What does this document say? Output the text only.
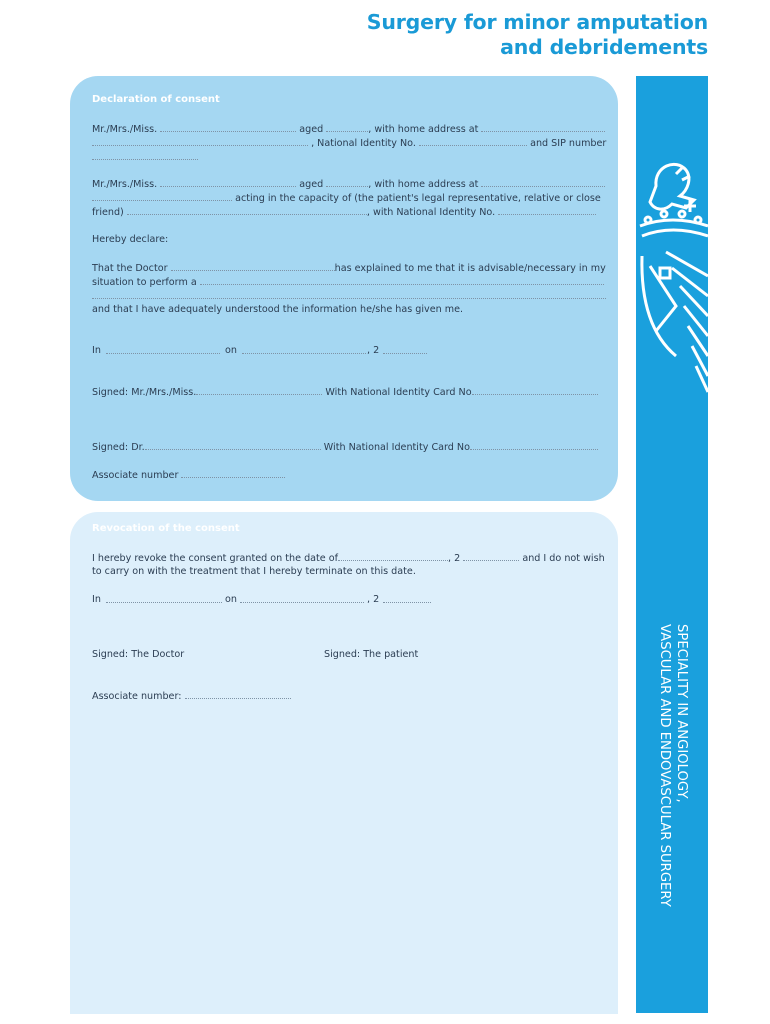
Surgery for minor amputation
and debridements
SPECIALITY IN ANGIOLOGY,
VASCULAR AND ENDOVASCULAR SURGERY
Declaration of consent
Mr./Mrs./Miss.	aged	, with home address at
, National Identity No.	and SIP number
Mr./Mrs./Miss.	aged	, with home address at
acting in the capacity of (the patient's legal representative, relative or close
friend)	, with National Identity No.
Hereby declare:
That the Doctor	has explained to me that it is advisable/necessary in my
situation to perform a
and that I have adequately understood the information he/she has given me.
In	on	, 2
Signed: Mr./Mrs./Miss.	With National Identity Card No
Signed: Dr.	With National Identity Card No
Associate number
Revocation of the consent
I hereby revoke the consent granted on the date of	, 2	and I do not wish
to carry on with the treatment that I hereby terminate on this date.
In	on	, 2
Signed: The Doctor	Signed: The patient
Associate number:
